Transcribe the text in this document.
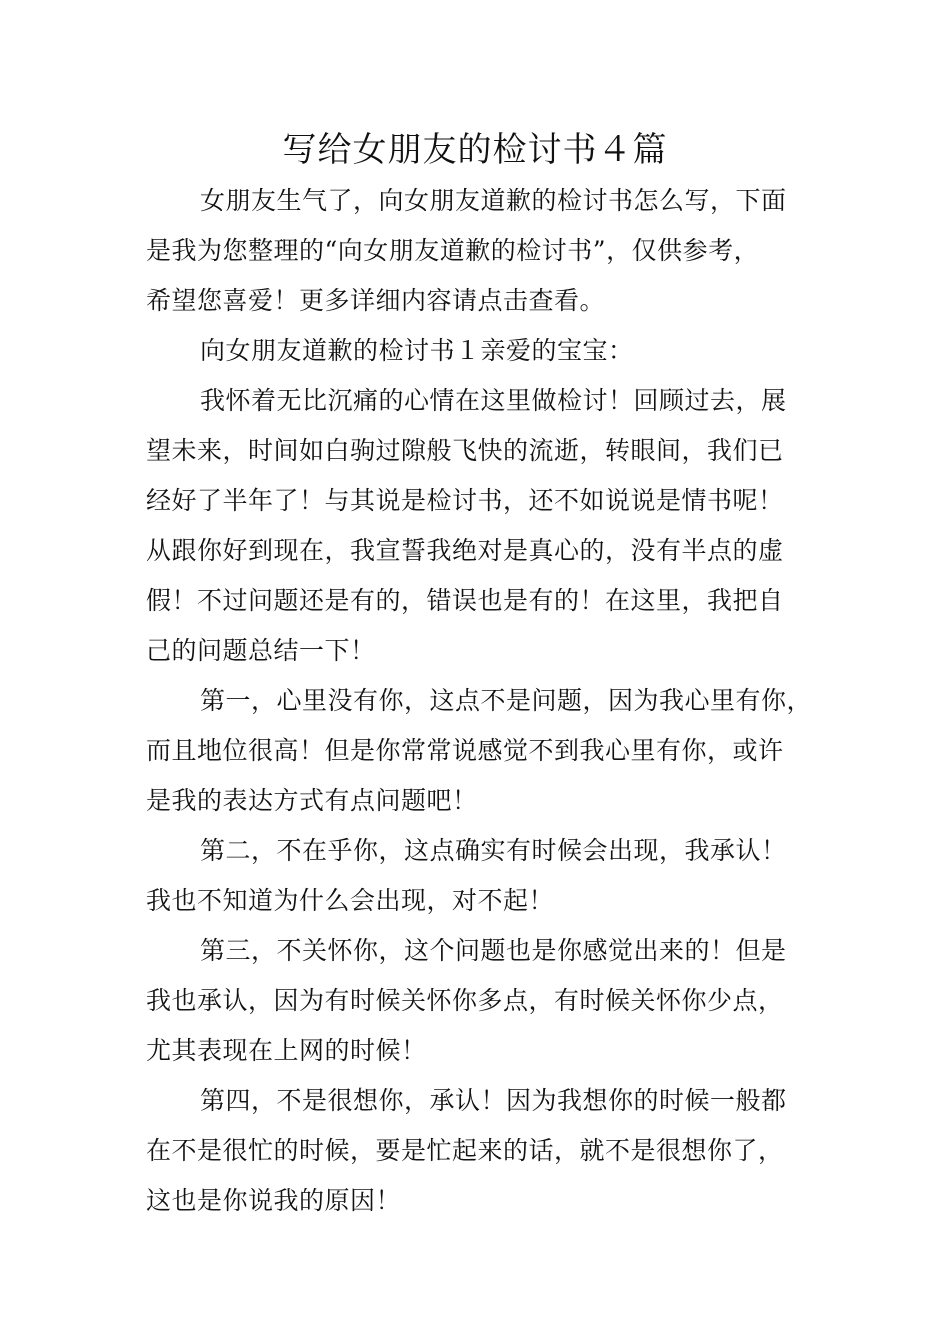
写给女朋友的检讨书４篇
女朋友生气了，向女朋友道歉的检讨书怎么写，下面
是我为您整理的“向女朋友道歉的检讨书”，仅供参考，
希望您喜爱！更多详细内容请点击查看。
向女朋友道歉的检讨书１亲爱的宝宝：
我怀着无比沉痛的心情在这里做检讨！回顾过去，展
望未来，时间如白驹过隙般飞快的流逝，转眼间，我们已
经好了半年了！与其说是检讨书，还不如说说是情书呢！
从跟你好到现在，我宣誓我绝对是真心的，没有半点的虚
假！不过问题还是有的，错误也是有的！在这里，我把自
己的问题总结一下！
第一，心里没有你，这点不是问题，因为我心里有你，
而且地位很高！但是你常常说感觉不到我心里有你，或许
是我的表达方式有点问题吧！
第二，不在乎你，这点确实有时候会出现，我承认！
我也不知道为什么会出现，对不起！
第三，不关怀你，这个问题也是你感觉出来的！但是
我也承认，因为有时候关怀你多点，有时候关怀你少点，
尤其表现在上网的时候！
第四，不是很想你，承认！因为我想你的时候一般都
在不是很忙的时候，要是忙起来的话，就不是很想你了，
这也是你说我的原因！
